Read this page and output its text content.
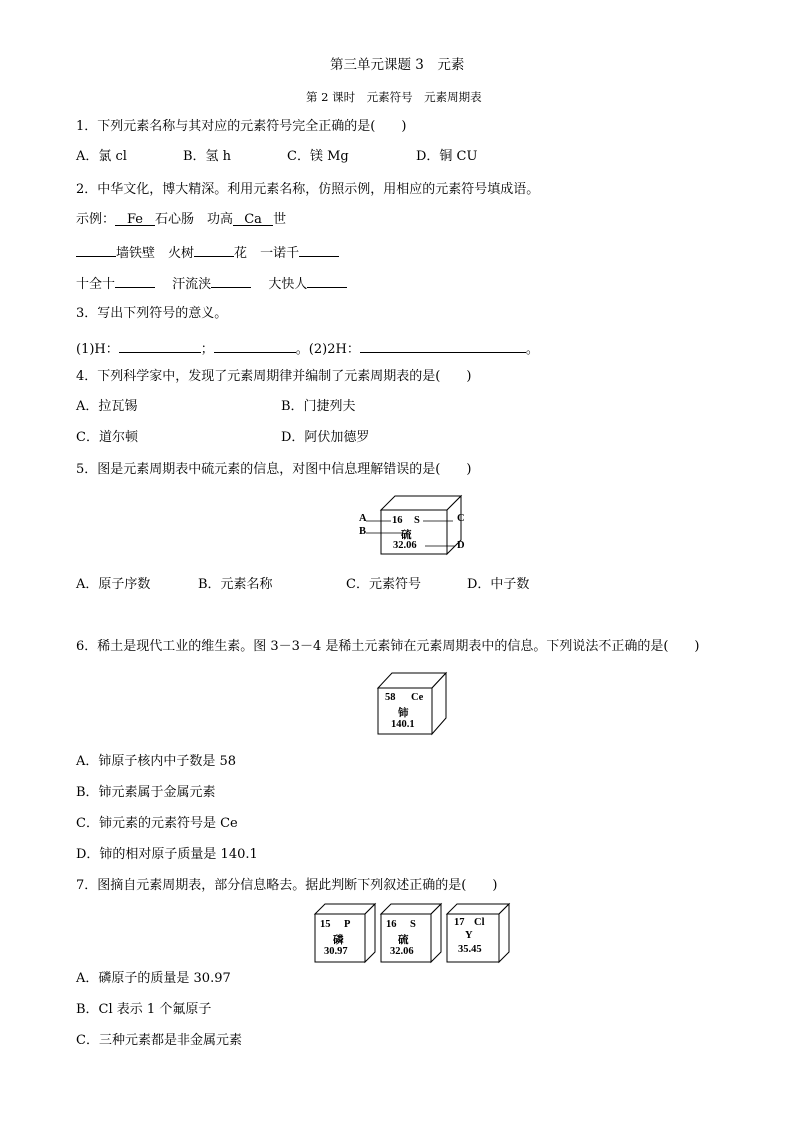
第三单元课题 3　元素
第 2 课时　元素符号　元素周期表
1．下列元素名称与其对应的元素符号完全正确的是(　　)
A．氯 cl	B．氢 h	C．镁 Mg	D．铜 CU
2．中华文化，博大精深。利用元素名称，仿照示例，用相应的元素符号填成语。
示例： Fe 石心肠　 功高 Ca 世
墙铁壁　 火树	花　 一诺千
十全十　	汗流浃　	大快人
3．写出下列符号的意义。
(1)H：	；	。(2)2H：	。
4．下列科学家中，发现了元素周期律并编制了元素周期表的是(　　)
A．拉瓦锡	B．门捷列夫
C．道尔顿	D．阿伏加德罗
5．图是元素周期表中硫元素的信息，对图中信息理解错误的是(　　)
A
B
C
D
16 S
硫
32.06
A．原子序数	B．元素名称	C．元素符号	D．中子数
6．稀土是现代工业的维生素。图 3－3－4 是稀土元素铈在元素周期表中的信息。下列说法不正确的是(　　)
58 Ce
铈
140.1
A．铈原子核内中子数是 58
B．铈元素属于金属元素
C．铈元素的元素符号是 Ce
D．铈的相对原子质量是 140.1
7．图摘自元素周期表，部分信息略去。据此判断下列叙述正确的是(　　)
15 P
磷
30.97
16 S
硫
32.06
17 Cl
Y
35.45
A．磷原子的质量是 30.97
B．Cl 表示 1 个氟原子
C．三种元素都是非金属元素
